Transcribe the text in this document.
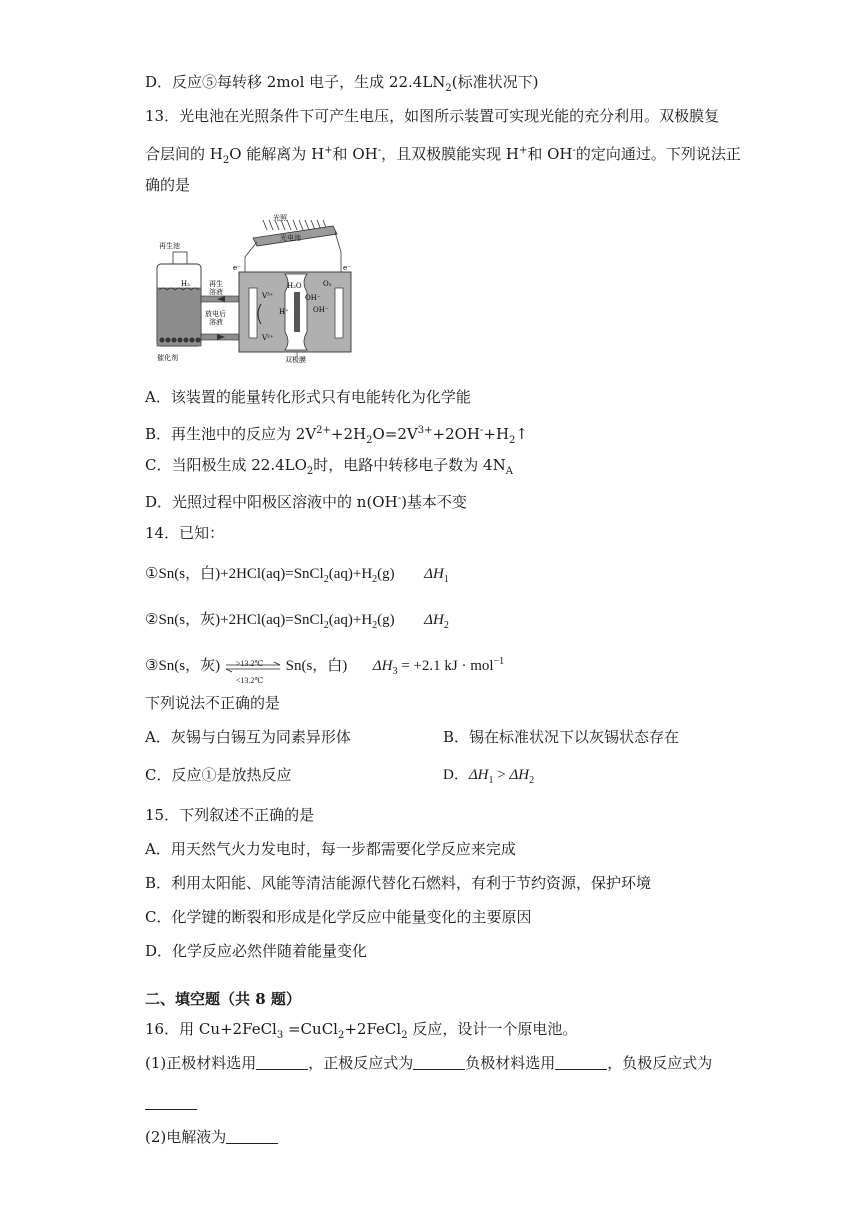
D．反应⑤每转移 2mol 电子，生成 $22.4LN_2$(标准状况下)
13．光电池在光照条件下可产生电压，如图所示装置可实现光能的充分利用。双极膜复
合层间的 $H_2O$ 能解离为 H+和 OH-，且双极膜能实现 H+和 OH-的定向通过。下列说法正
确的是
光照
光电池
e⁻	e⁻
再生池
H₂
催化剂
再生
溶液
放电后
溶液
V³⁺
V²⁺
H₂O
H⁺
OH⁻
OH⁻
O₂
双极膜
A．该装置的能量转化形式只有电能转化为化学能
B．再生池中的反应为 $2V^{2+}+2H_2O=2V^{3+}+2OH^-+H_2↑$
C．当阳极生成 $22.4LO_2$时，电路中转移电子数为 $4N_A$
D．光照过程中阳极区溶液中的 n(OH-)基本不变
14．已知：
①Sn(s，白)$+2HCl(aq)=SnCl_2(aq)+H_2(g)$ $\Delta H_1$
②Sn(s，灰)$+2HCl(aq)=SnCl_2(aq)+H_2(g)$ $\Delta H_2$
③Sn(s，灰) >13.2℃
<13.2℃
Sn(s，白) $\Delta H_3 = +2.1$ kJ · mol$^{-1}$
下列说法不正确的是
A．灰锡与白锡互为同素异形体	B．锡在标准状况下以灰锡状态存在
C．反应①是放热反应	D．$\Delta H_1 > \Delta H_2$
15．下列叙述不正确的是
A．用天然气火力发电时，每一步都需要化学反应来完成
B．利用太阳能、风能等清洁能源代替化石燃料，有利于节约资源，保护环境
C．化学键的断裂和形成是化学反应中能量变化的主要原因
D．化学反应必然伴随着能量变化
二、填空题（共 8 题）
16．用 Cu+2FeCl$_3$ =CuCl$_2$+2FeCl$_2$ 反应，设计一个原电池。
(1)正极材料选用	，正极反应式为	负极材料选用	，负极反应式为
(2)电解液为
